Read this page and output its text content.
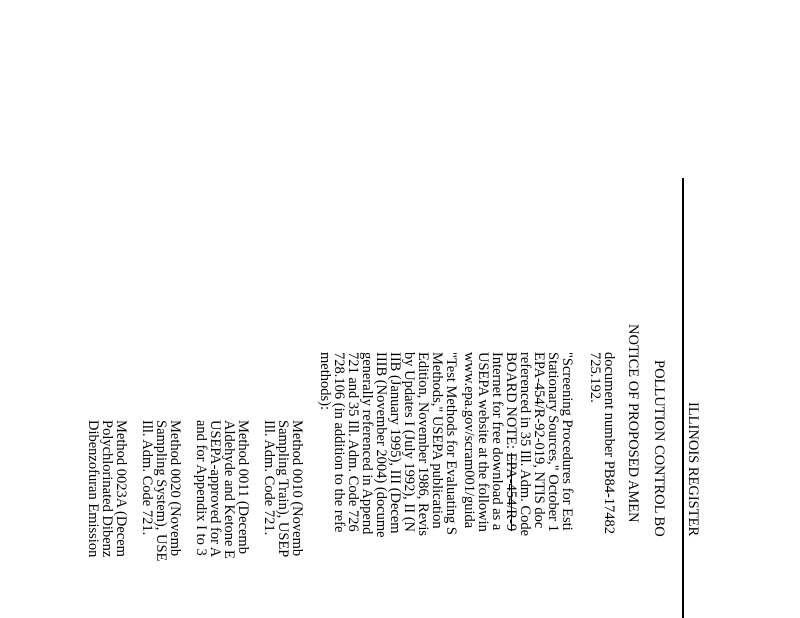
ILLINOIS REGISTER
POLLUTION CONTROL BO
NOTICE OF PROPOSED AMEN
document number PB84-17482
725.192.
"Screening Procedures for Esti
Stationary Sources," October 1
EPA-454/R-92-019, NTIS doc
referenced in 35 Ill. Adm. Code
BOARD NOTE: EPA-454/R-9
Internet for free download as a
USEPA website at the followin
www.epa.gov/scram001/guida
"Test Methods for Evaluating S
Methods," USEPA publication
Edition, November 1986, Revis
by Updates I (July 1992), II (N
IIB (January 1995), III (Decem
IIIB (November 2004) (docume
generally referenced in Append
721 and 35 Ill. Adm. Code 726
728.106 (in addition to the refe
methods):
Method 0010 (Novemb
Sampling Train), USEP
Ill. Adm. Code 721.
Method 0011 (Decemb
Aldehyde and Ketone E
USEPA-approved for A
and for Appendix I to 3
Method 0020 (Novemb
Sampling System), USE
Ill. Adm. Code 721.
Method 0023A (Decem
Polychlorinated Dibenz
Dibenzofuran Emission
